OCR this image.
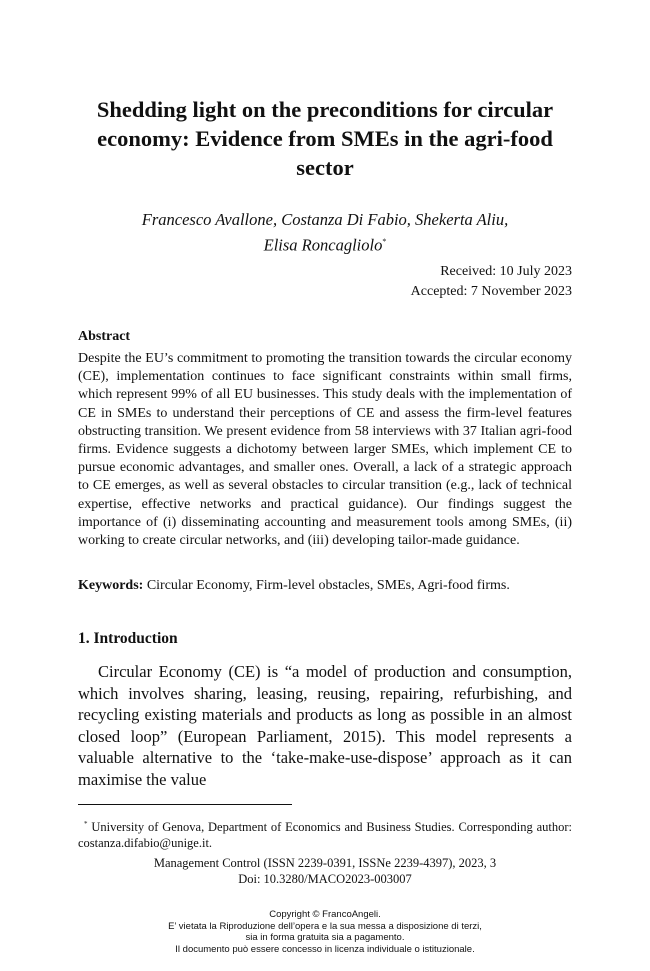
Shedding light on the preconditions for circular
economy: Evidence from SMEs in the agri-food
sector
Francesco Avallone, Costanza Di Fabio, Shekerta Aliu,
Elisa Roncagliolo*
Received: 10 July 2023
Accepted: 7 November 2023
Abstract
Despite the EU’s commitment to promoting the transition towards the circular economy (CE), implementation continues to face significant constraints within small firms, which represent 99% of all EU businesses. This study deals with the implementation of CE in SMEs to understand their perceptions of CE and assess the firm-level features obstructing transition. We present evidence from 58 interviews with 37 Italian agri-food firms. Evidence suggests a dichotomy between larger SMEs, which implement CE to pursue economic advantages, and smaller ones. Overall, a lack of a strategic approach to CE emerges, as well as several obstacles to circular transition (e.g., lack of technical expertise, effective networks and practical guidance). Our findings suggest the importance of (i) disseminating accounting and measurement tools among SMEs, (ii) working to create circular networks, and (iii) developing tailor-made guidance.
Keywords: Circular Economy, Firm-level obstacles, SMEs, Agri-food firms.
1. Introduction
Circular Economy (CE) is “a model of production and consumption, which involves sharing, leasing, reusing, repairing, refurbishing, and recycling existing materials and products as long as possible in an almost closed loop” (European Parliament, 2015). This model represents a valuable alternative to the ‘take-make-use-dispose’ approach as it can maximise the value
* University of Genova, Department of Economics and Business Studies. Corresponding author: costanza.difabio@unige.it.
Management Control (ISSN 2239-0391, ISSNe 2239-4397), 2023, 3
Doi: 10.3280/MACO2023-003007
Copyright © FrancoAngeli.
E’ vietata la Riproduzione dell’opera e la sua messa a disposizione di terzi,
sia in forma gratuita sia a pagamento.
Il documento può essere concesso in licenza individuale o istituzionale.
